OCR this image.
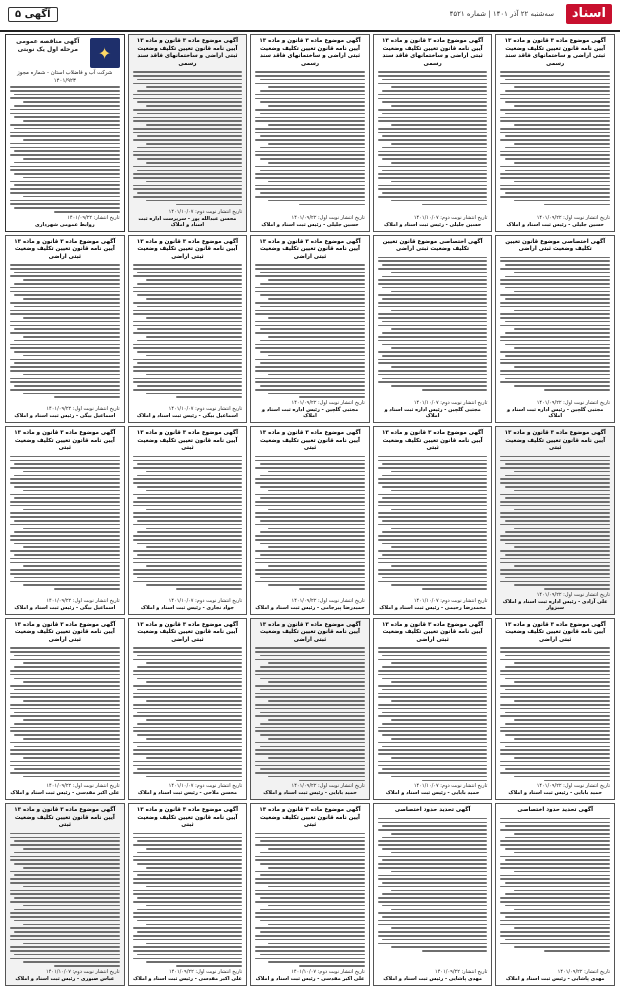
اسناد
سه‌شنبه ۲۲ آذر ۱۴۰۱ | شماره ۴۵۲۱
آگهی ۵
آگهی موضوع ماده ۳ قانون و ماده ۱۳ آیین نامه قانون تعیین تکلیف وضعیت ثبتی اراضی و ساختمانهای فاقد سند رسمی
تاریخ انتشار نوبت اول: ۱۴۰۱/۰۹/۲۲
حسین جلیلی - رئیس ثبت اسناد و املاک
آگهی موضوع ماده ۳ قانون و ماده ۱۳ آیین نامه قانون تعیین تکلیف وضعیت ثبتی اراضی و ساختمانهای فاقد سند رسمی
تاریخ انتشار نوبت دوم: ۱۴۰۱/۱۰/۰۷
حسین جلیلی - رئیس ثبت اسناد و املاک
آگهی موضوع ماده ۳ قانون و ماده ۱۳ آیین نامه قانون تعیین تکلیف وضعیت ثبتی اراضی و ساختمانهای فاقد سند رسمی
تاریخ انتشار نوبت اول: ۱۴۰۱/۰۹/۲۲
حسین جلیلی - رئیس ثبت اسناد و املاک
آگهی موضوع ماده ۳ قانون و ماده ۱۳ آیین نامه قانون تعیین تکلیف وضعیت ثبتی اراضی و ساختمانهای فاقد سند رسمی
تاریخ انتشار نوبت دوم: ۱۴۰۱/۱۰/۰۷
محسن عبدالله پور - سرپرست اداره ثبت اسناد و املاک
✦
آگهی مناقصه عمومی مرحله اول یک نوبتی
شرکت آب و فاضلاب استان - شماره مجوز ۱۴۰۱/۹۲۳
تاریخ انتشار: ۱۴۰۱/۰۹/۲۲
روابط عمومی شهرداری
آگهی اختصاصی موضوع قانون تعیین تکلیف وضعیت ثبتی اراضی
تاریخ انتشار نوبت اول: ۱۴۰۱/۰۹/۲۲
مجتبی گلچین - رئیس اداره ثبت اسناد و املاک
آگهی اختصاصی موضوع قانون تعیین تکلیف وضعیت ثبتی اراضی
تاریخ انتشار نوبت دوم: ۱۴۰۱/۱۰/۰۷
مجتبی گلچین - رئیس اداره ثبت اسناد و املاک
آگهی موضوع ماده ۳ قانون و ماده ۱۳ آیین نامه قانون تعیین تکلیف وضعیت ثبتی اراضی
تاریخ انتشار نوبت اول: ۱۴۰۱/۰۹/۲۲
مجتبی گلچین - رئیس اداره ثبت اسناد و املاک
آگهی موضوع ماده ۳ قانون و ماده ۱۳ آیین نامه قانون تعیین تکلیف وضعیت ثبتی اراضی
تاریخ انتشار نوبت دوم: ۱۴۰۱/۱۰/۰۷
اسماعیل بیگی - رئیس ثبت اسناد و املاک
آگهی موضوع ماده ۳ قانون و ماده ۱۳ آیین نامه قانون تعیین تکلیف وضعیت ثبتی اراضی
تاریخ انتشار نوبت اول: ۱۴۰۱/۰۹/۲۲
اسماعیل بیگی - رئیس ثبت اسناد و املاک
آگهی موضوع ماده ۳ قانون و ماده ۱۳ آیین نامه قانون تعیین تکلیف وضعیت ثبتی
تاریخ انتشار نوبت اول: ۱۴۰۱/۰۹/۲۲
علی آزادی - رئیس اداره ثبت اسناد و املاک سبزوار
آگهی موضوع ماده ۳ قانون و ماده ۱۳ آیین نامه قانون تعیین تکلیف وضعیت ثبتی
تاریخ انتشار نوبت دوم: ۱۴۰۱/۱۰/۰۷
محمدرضا رحیمی - رئیس ثبت اسناد و املاک
آگهی موضوع ماده ۳ قانون و ماده ۱۳ آیین نامه قانون تعیین تکلیف وضعیت ثبتی
تاریخ انتشار نوبت اول: ۱۴۰۱/۰۹/۲۲
حمیدرضا پیرجامی - رئیس ثبت اسناد و املاک
آگهی موضوع ماده ۳ قانون و ماده ۱۳ آیین نامه قانون تعیین تکلیف وضعیت ثبتی
تاریخ انتشار نوبت دوم: ۱۴۰۱/۱۰/۰۷
جواد نجاری - رئیس ثبت اسناد و املاک
آگهی موضوع ماده ۳ قانون و ماده ۱۳ آیین نامه قانون تعیین تکلیف وضعیت ثبتی
تاریخ انتشار نوبت اول: ۱۴۰۱/۰۹/۲۲
اسماعیل بیگی - رئیس ثبت اسناد و املاک
آگهی موضوع ماده ۳ قانون و ماده ۱۳ آیین نامه قانون تعیین تکلیف وضعیت ثبتی اراضی
تاریخ انتشار نوبت اول: ۱۴۰۱/۰۹/۲۲
حمید بابایی - رئیس ثبت اسناد و املاک
آگهی موضوع ماده ۳ قانون و ماده ۱۳ آیین نامه قانون تعیین تکلیف وضعیت ثبتی اراضی
تاریخ انتشار نوبت دوم: ۱۴۰۱/۱۰/۰۷
حمید بابایی - رئیس ثبت اسناد و املاک
آگهی موضوع ماده ۳ قانون و ماده ۱۳ آیین نامه قانون تعیین تکلیف وضعیت ثبتی اراضی
تاریخ انتشار نوبت اول: ۱۴۰۱/۰۹/۲۲
حمید بابایی - رئیس ثبت اسناد و املاک
آگهی موضوع ماده ۳ قانون و ماده ۱۳ آیین نامه قانون تعیین تکلیف وضعیت ثبتی اراضی
تاریخ انتشار نوبت دوم: ۱۴۰۱/۱۰/۰۷
محسن ملاحی - رئیس ثبت اسناد و املاک
آگهی موضوع ماده ۳ قانون و ماده ۱۳ آیین نامه قانون تعیین تکلیف وضعیت ثبتی اراضی
تاریخ انتشار نوبت اول: ۱۴۰۱/۰۹/۲۲
علی اکبر مقدسی - رئیس ثبت اسناد و املاک
آگهی تحدید حدود اختصاصی
تاریخ انتشار: ۱۴۰۱/۰۹/۲۲
مهدی پاشایی - رئیس ثبت اسناد و املاک
آگهی تحدید حدود اختصاصی
تاریخ انتشار: ۱۴۰۱/۰۹/۲۲
مهدی پاشایی - رئیس ثبت اسناد و املاک
آگهی موضوع ماده ۳ قانون و ماده ۱۳ آیین نامه قانون تعیین تکلیف وضعیت ثبتی
تاریخ انتشار نوبت دوم: ۱۴۰۱/۱۰/۰۷
علی اکبر مقدسی - رئیس ثبت اسناد و املاک
آگهی موضوع ماده ۳ قانون و ماده ۱۳ آیین نامه قانون تعیین تکلیف وضعیت ثبتی
تاریخ انتشار نوبت اول: ۱۴۰۱/۰۹/۲۲
علی اکبر مقدسی - رئیس ثبت اسناد و املاک
آگهی موضوع ماده ۳ قانون و ماده ۱۳ آیین نامه قانون تعیین تکلیف وضعیت ثبتی
تاریخ انتشار نوبت دوم: ۱۴۰۱/۱۰/۰۷
عباس صبوری - رئیس ثبت اسناد و املاک
